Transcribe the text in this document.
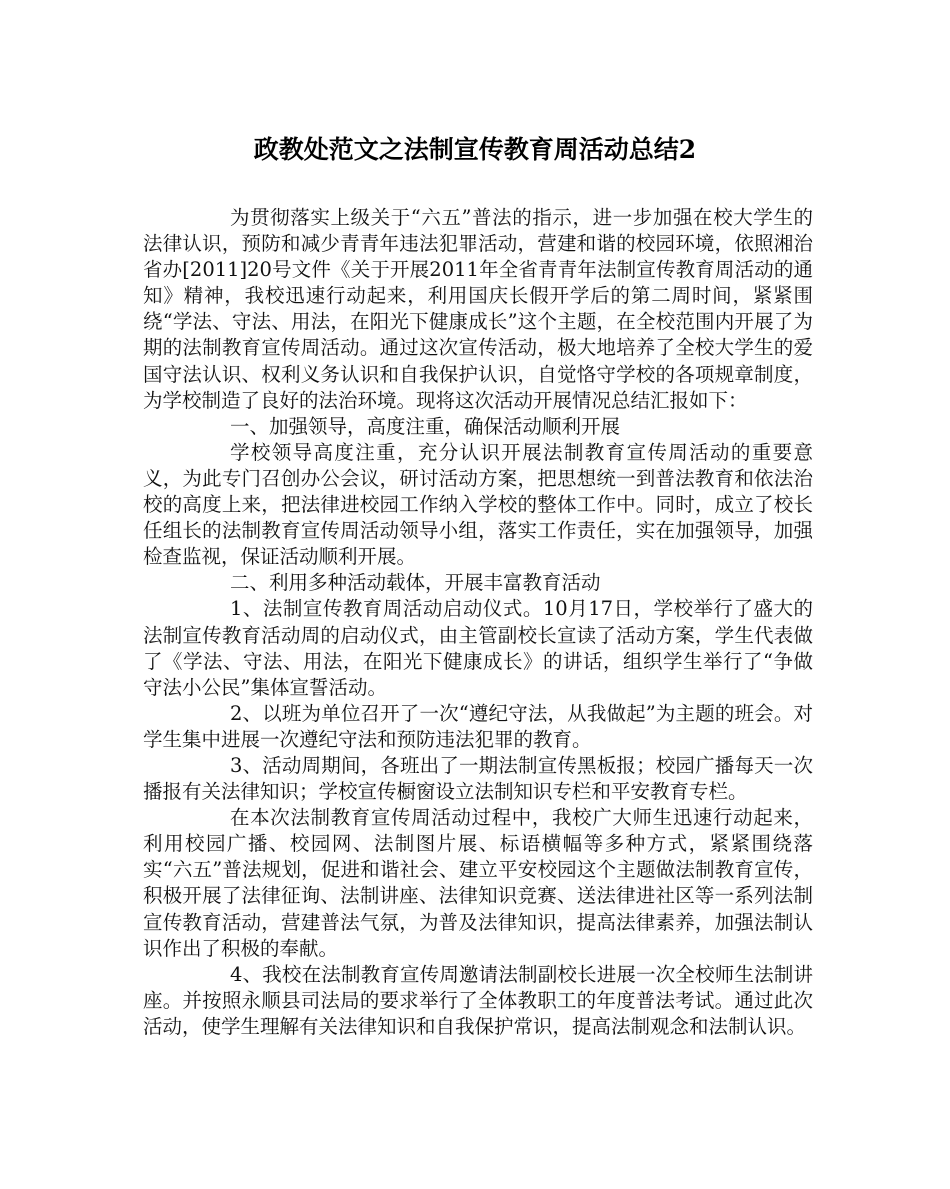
政教处范文之法制宣传教育周活动总结2

为贯彻落实上级关于“六五”普法的指示，进一步加强在校大学生的法律认识，预防和减少青青年违法犯罪活动，营建和谐的校园环境，依照湘治省办[2011]20号文件《关于开展2011年全省青青年法制宣传教育周活动的通知》精神，我校迅速行动起来，利用国庆长假开学后的第二周时间，紧紧围绕“学法、守法、用法，在阳光下健康成长”这个主题，在全校范围内开展了为期的法制教育宣传周活动。通过这次宣传活动，极大地培养了全校大学生的爱国守法认识、权利义务认识和自我保护认识，自觉恪守学校的各项规章制度，为学校制造了良好的法治环境。现将这次活动开展情况总结汇报如下：

一、加强领导，高度注重，确保活动顺利开展

学校领导高度注重，充分认识开展法制教育宣传周活动的重要意义，为此专门召创办公会议，研讨活动方案，把思想统一到普法教育和依法治校的高度上来，把法律进校园工作纳入学校的整体工作中。同时，成立了校长任组长的法制教育宣传周活动领导小组，落实工作责任，实在加强领导，加强检查监视，保证活动顺利开展。

二、利用多种活动载体，开展丰富教育活动

1、法制宣传教育周活动启动仪式。10月17日，学校举行了盛大的法制宣传教育活动周的启动仪式，由主管副校长宣读了活动方案，学生代表做了《学法、守法、用法，在阳光下健康成长》的讲话，组织学生举行了“争做守法小公民”集体宣誓活动。

2、以班为单位召开了一次“遵纪守法，从我做起”为主题的班会。对学生集中进展一次遵纪守法和预防违法犯罪的教育。

3、活动周期间，各班出了一期法制宣传黑板报；校园广播每天一次播报有关法律知识；学校宣传橱窗设立法制知识专栏和平安教育专栏。

在本次法制教育宣传周活动过程中，我校广大师生迅速行动起来，利用校园广播、校园网、法制图片展、标语横幅等多种方式，紧紧围绕落实“六五”普法规划，促进和谐社会、建立平安校园这个主题做法制教育宣传，积极开展了法律征询、法制讲座、法律知识竞赛、送法律进社区等一系列法制宣传教育活动，营建普法气氛，为普及法律知识，提高法律素养，加强法制认识作出了积极的奉献。

4、我校在法制教育宣传周邀请法制副校长进展一次全校师生法制讲座。并按照永顺县司法局的要求举行了全体教职工的年度普法考试。通过此次活动，使学生理解有关法律知识和自我保护常识，提高法制观念和法制认识。
